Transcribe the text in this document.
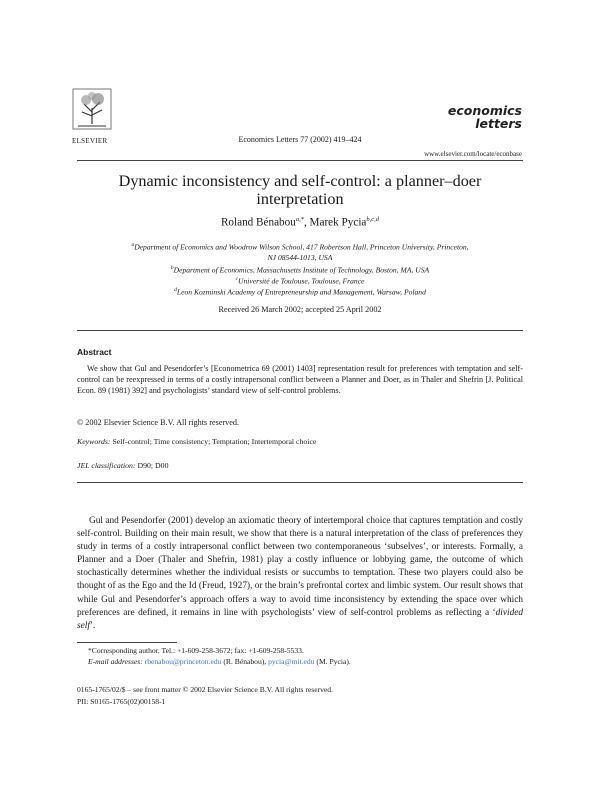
ELSEVIER	Economics Letters 77 (2002) 419–424
economics
letters
www.elsevier.com/locate/econbase
Dynamic inconsistency and self-control: a planner–doer
interpretation
Roland Bénabou$^{a,*}$, Marek Pycia$^{b,c,d}$
$^a$Department of Economics and Woodrow Wilson School, 417 Robertson Hall, Princeton University, Princeton,
NJ 08544-1013, USA
$^b$Department of Economics, Massachusetts Institute of Technology, Boston, MA, USA
$^c$Université de Toulouse, Toulouse, France
$^d$Leon Kozminski Academy of Entrepreneurship and Management, Warsaw, Poland
Received 26 March 2002; accepted 25 April 2002
Abstract

We show that Gul and Pesendorfer’s [Econometrica 69 (2001) 1403] representation result for preferences with temptation and self-control can be reexpressed in terms of a costly intrapersonal conflict between a Planner and Doer, as in Thaler and Shefrin [J. Political Econ. 89 (1981) 392] and psychologists’ standard view of self-control problems.

© 2002 Elsevier Science B.V. All rights reserved.
Keywords: Self-control; Time consistency; Temptation; Intertemporal choice
JEL classification: D90; D00

Gul and Pesendorfer (2001) develop an axiomatic theory of intertemporal choice that captures temptation and costly self-control. Building on their main result, we show that there is a natural interpretation of the class of preferences they study in terms of a costly intrapersonal conflict between two contemporaneous ‘subselves’, or interests. Formally, a Planner and a Doer (Thaler and Shefrin, 1981) play a costly influence or lobbying game, the outcome of which stochastically determines whether the individual resists or succumbs to temptation. These two players could also be thought of as the Ego and the Id (Freud, 1927), or the brain’s prefrontal cortex and limbic system. Our result shows that while Gul and Pesendorfer’s approach offers a way to avoid time inconsistency by extending the space over which preferences are defined, it remains in line with psychologists’ view of self-control problems as reflecting a ‘divided self’.

*Corresponding author. Tel.: +1-609-258-3672; fax: +1-609-258-5533.
E-mail addresses: rbenabou@princeton.edu (R. Bénabou), pycia@mit.edu (M. Pycia).
0165-1765/02/$ – see front matter © 2002 Elsevier Science B.V. All rights reserved.
PII: S0165-1765(02)00158-1
